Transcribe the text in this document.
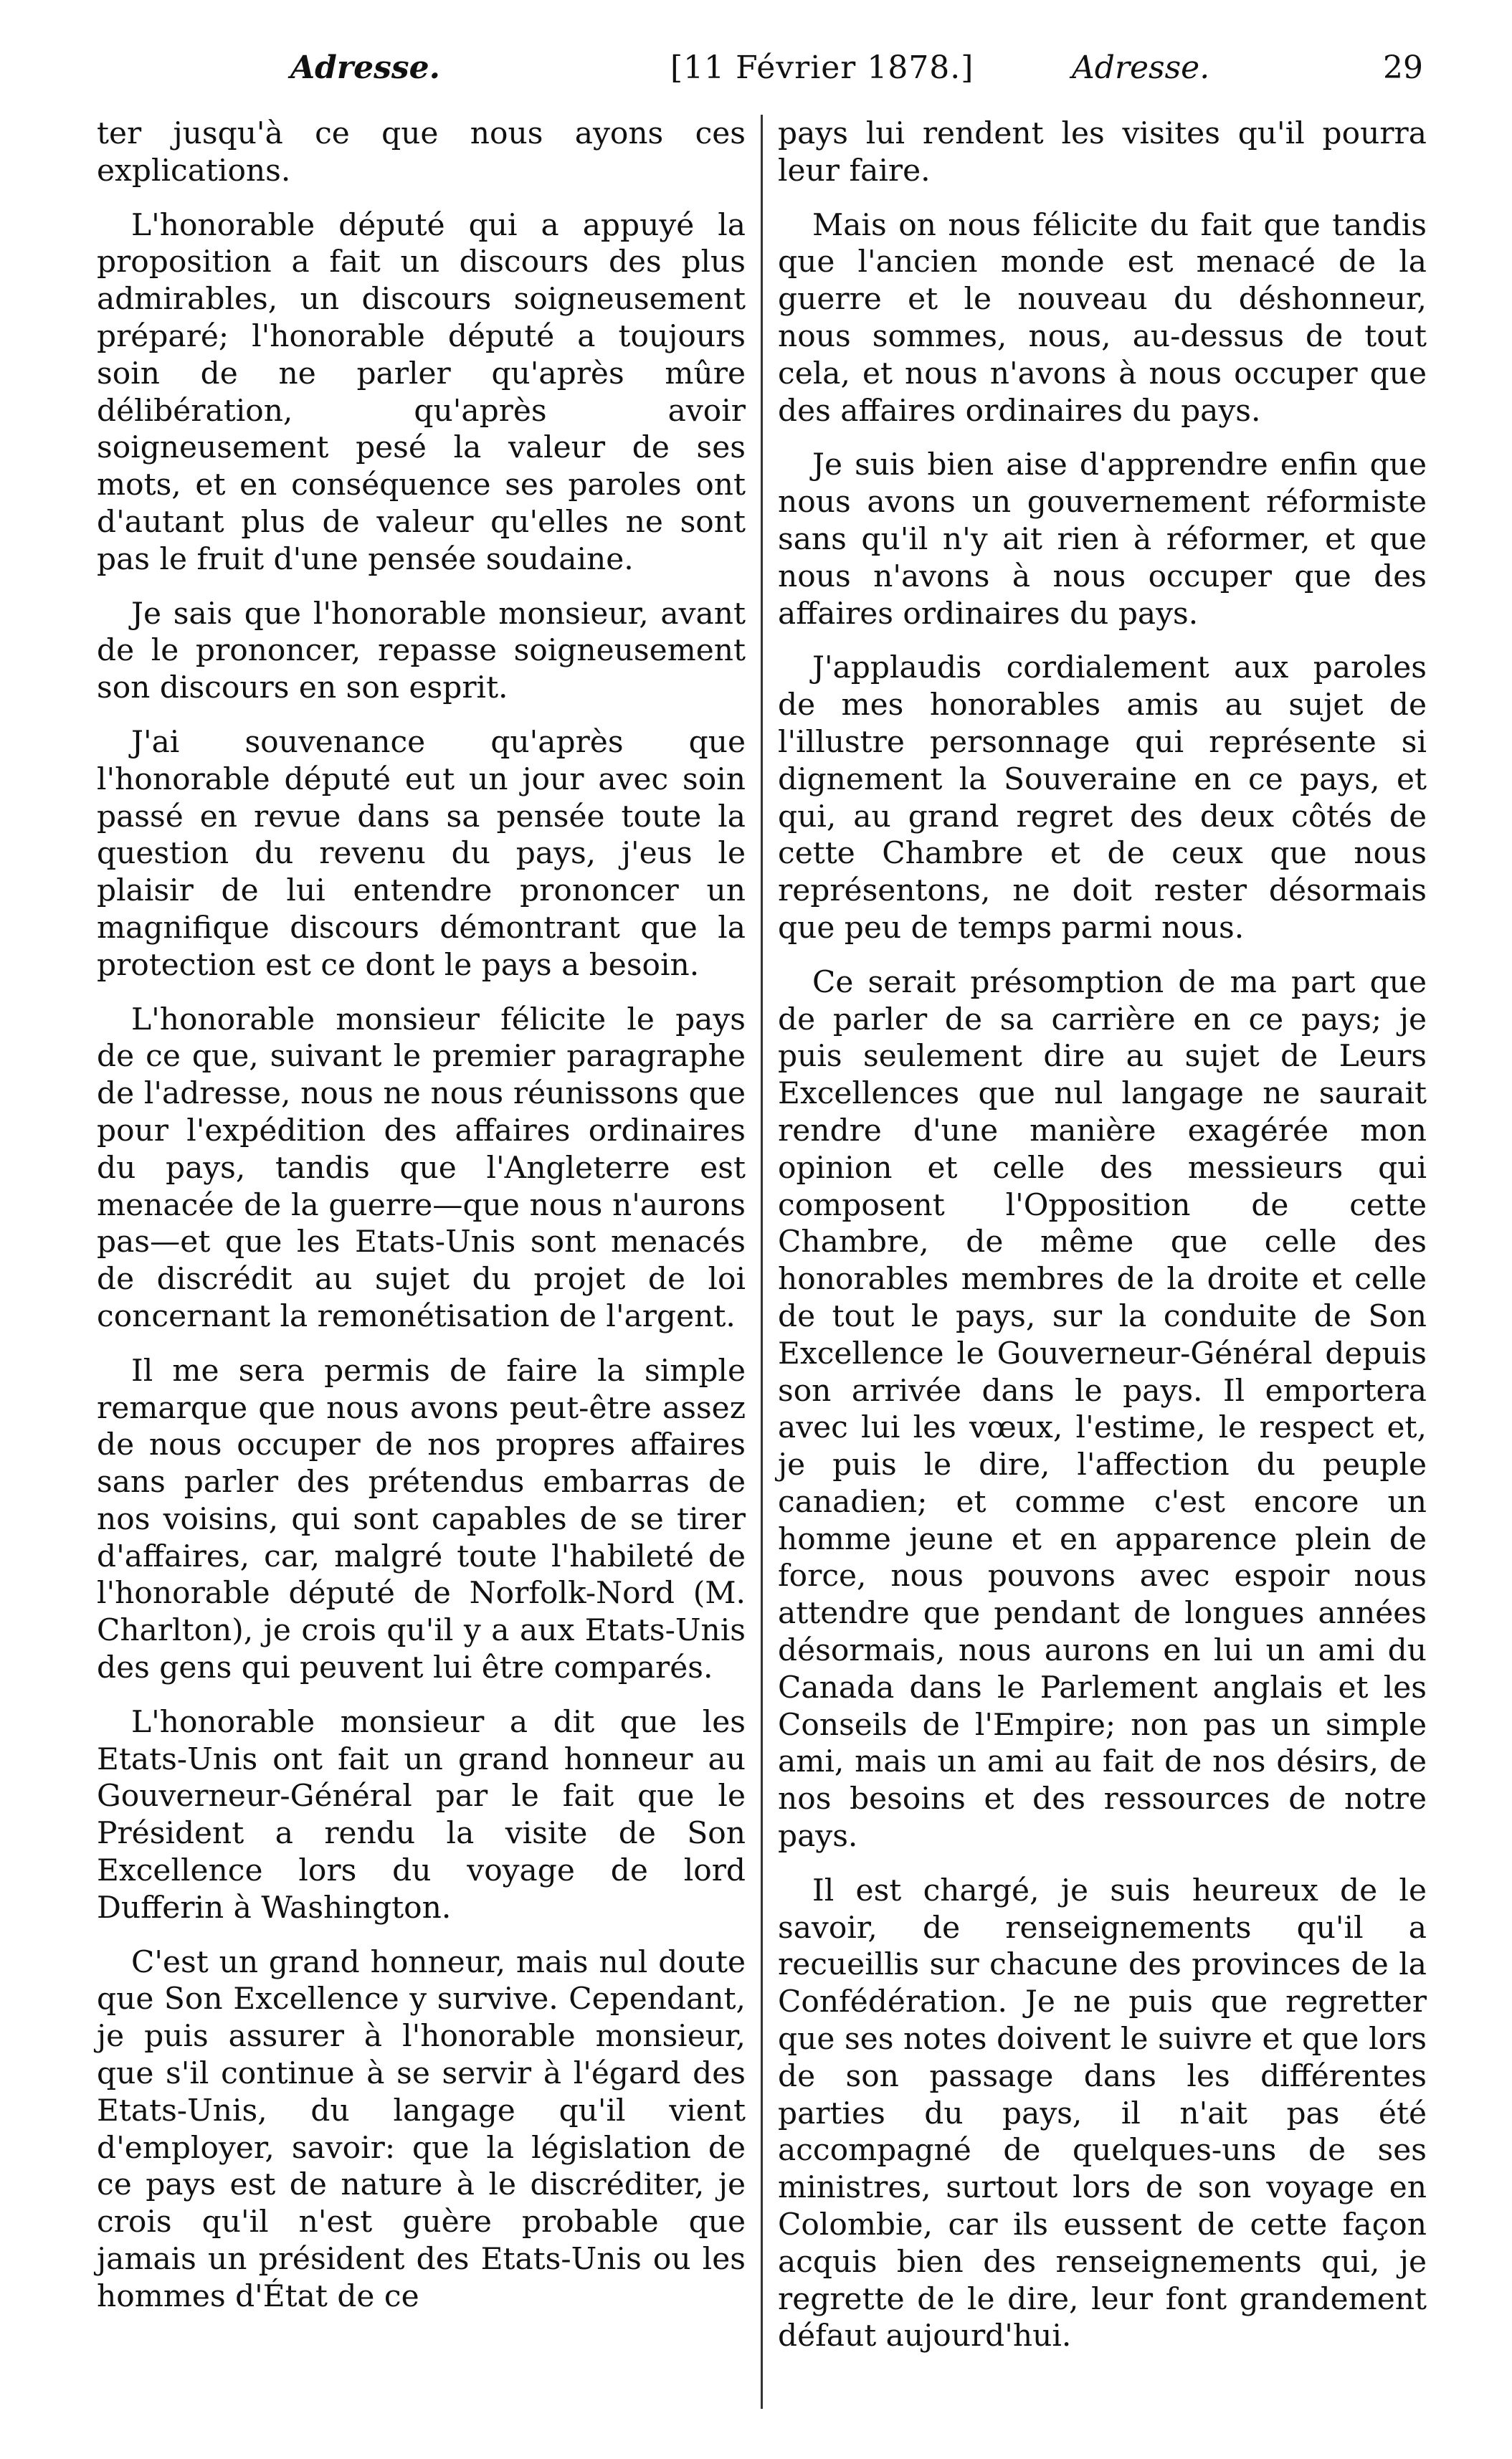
Adresse.	[11 Février 1878.]	Adresse.	29

ter jusqu'à ce que nous ayons ces explications.

L'honorable député qui a appuyé la proposition a fait un discours des plus admirables, un discours soigneusement préparé; l'honorable député a toujours soin de ne parler qu'après mûre délibération, qu'après avoir soigneusement pesé la valeur de ses mots, et en conséquence ses paroles ont d'autant plus de valeur qu'elles ne sont pas le fruit d'une pensée soudaine.

Je sais que l'honorable monsieur, avant de le prononcer, repasse soigneusement son discours en son esprit.

J'ai souvenance qu'après que l'honorable député eut un jour avec soin passé en revue dans sa pensée toute la question du revenu du pays, j'eus le plaisir de lui entendre prononcer un magnifique discours démontrant que la protection est ce dont le pays a besoin.

L'honorable monsieur félicite le pays de ce que, suivant le premier paragraphe de l'adresse, nous ne nous réunissons que pour l'expédition des affaires ordinaires du pays, tandis que l'Angleterre est menacée de la guerre—que nous n'aurons pas—et que les Etats-Unis sont menacés de discrédit au sujet du projet de loi concernant la remonétisation de l'argent.

Il me sera permis de faire la simple remarque que nous avons peut-être assez de nous occuper de nos propres affaires sans parler des prétendus embarras de nos voisins, qui sont capables de se tirer d'affaires, car, malgré toute l'habileté de l'honorable député de Norfolk-Nord (M. Charlton), je crois qu'il y a aux Etats-Unis des gens qui peuvent lui être comparés.

L'honorable monsieur a dit que les Etats-Unis ont fait un grand honneur au Gouverneur-Général par le fait que le Président a rendu la visite de Son Excellence lors du voyage de lord Dufferin à Washington.

C'est un grand honneur, mais nul doute que Son Excellence y survive. Cependant, je puis assurer à l'honorable monsieur, que s'il continue à se servir à l'égard des Etats-Unis, du langage qu'il vient d'employer, savoir: que la législation de ce pays est de nature à le discréditer, je crois qu'il n'est guère probable que jamais un président des Etats-Unis ou les hommes d'État de ce

pays lui rendent les visites qu'il pourra leur faire.

Mais on nous félicite du fait que tandis que l'ancien monde est menacé de la guerre et le nouveau du déshonneur, nous sommes, nous, au-dessus de tout cela, et nous n'avons à nous occuper que des affaires ordinaires du pays.

Je suis bien aise d'apprendre enfin que nous avons un gouvernement réformiste sans qu'il n'y ait rien à réformer, et que nous n'avons à nous occuper que des affaires ordinaires du pays.

J'applaudis cordialement aux paroles de mes honorables amis au sujet de l'illustre personnage qui représente si dignement la Souveraine en ce pays, et qui, au grand regret des deux côtés de cette Chambre et de ceux que nous représentons, ne doit rester désormais que peu de temps parmi nous.

Ce serait présomption de ma part que de parler de sa carrière en ce pays; je puis seulement dire au sujet de Leurs Excellences que nul langage ne saurait rendre d'une manière exagérée mon opinion et celle des messieurs qui composent l'Opposition de cette Chambre, de même que celle des honorables membres de la droite et celle de tout le pays, sur la conduite de Son Excellence le Gouverneur-Général depuis son arrivée dans le pays. Il emportera avec lui les vœux, l'estime, le respect et, je puis le dire, l'affection du peuple canadien; et comme c'est encore un homme jeune et en apparence plein de force, nous pouvons avec espoir nous attendre que pendant de longues années désormais, nous aurons en lui un ami du Canada dans le Parlement anglais et les Conseils de l'Empire; non pas un simple ami, mais un ami au fait de nos désirs, de nos besoins et des ressources de notre pays.

Il est chargé, je suis heureux de le savoir, de renseignements qu'il a recueillis sur chacune des provinces de la Confédération. Je ne puis que regretter que ses notes doivent le suivre et que lors de son passage dans les différentes parties du pays, il n'ait pas été accompagné de quelques-uns de ses ministres, surtout lors de son voyage en Colombie, car ils eussent de cette façon acquis bien des renseignements qui, je regrette de le dire, leur font grandement défaut aujourd'hui.
